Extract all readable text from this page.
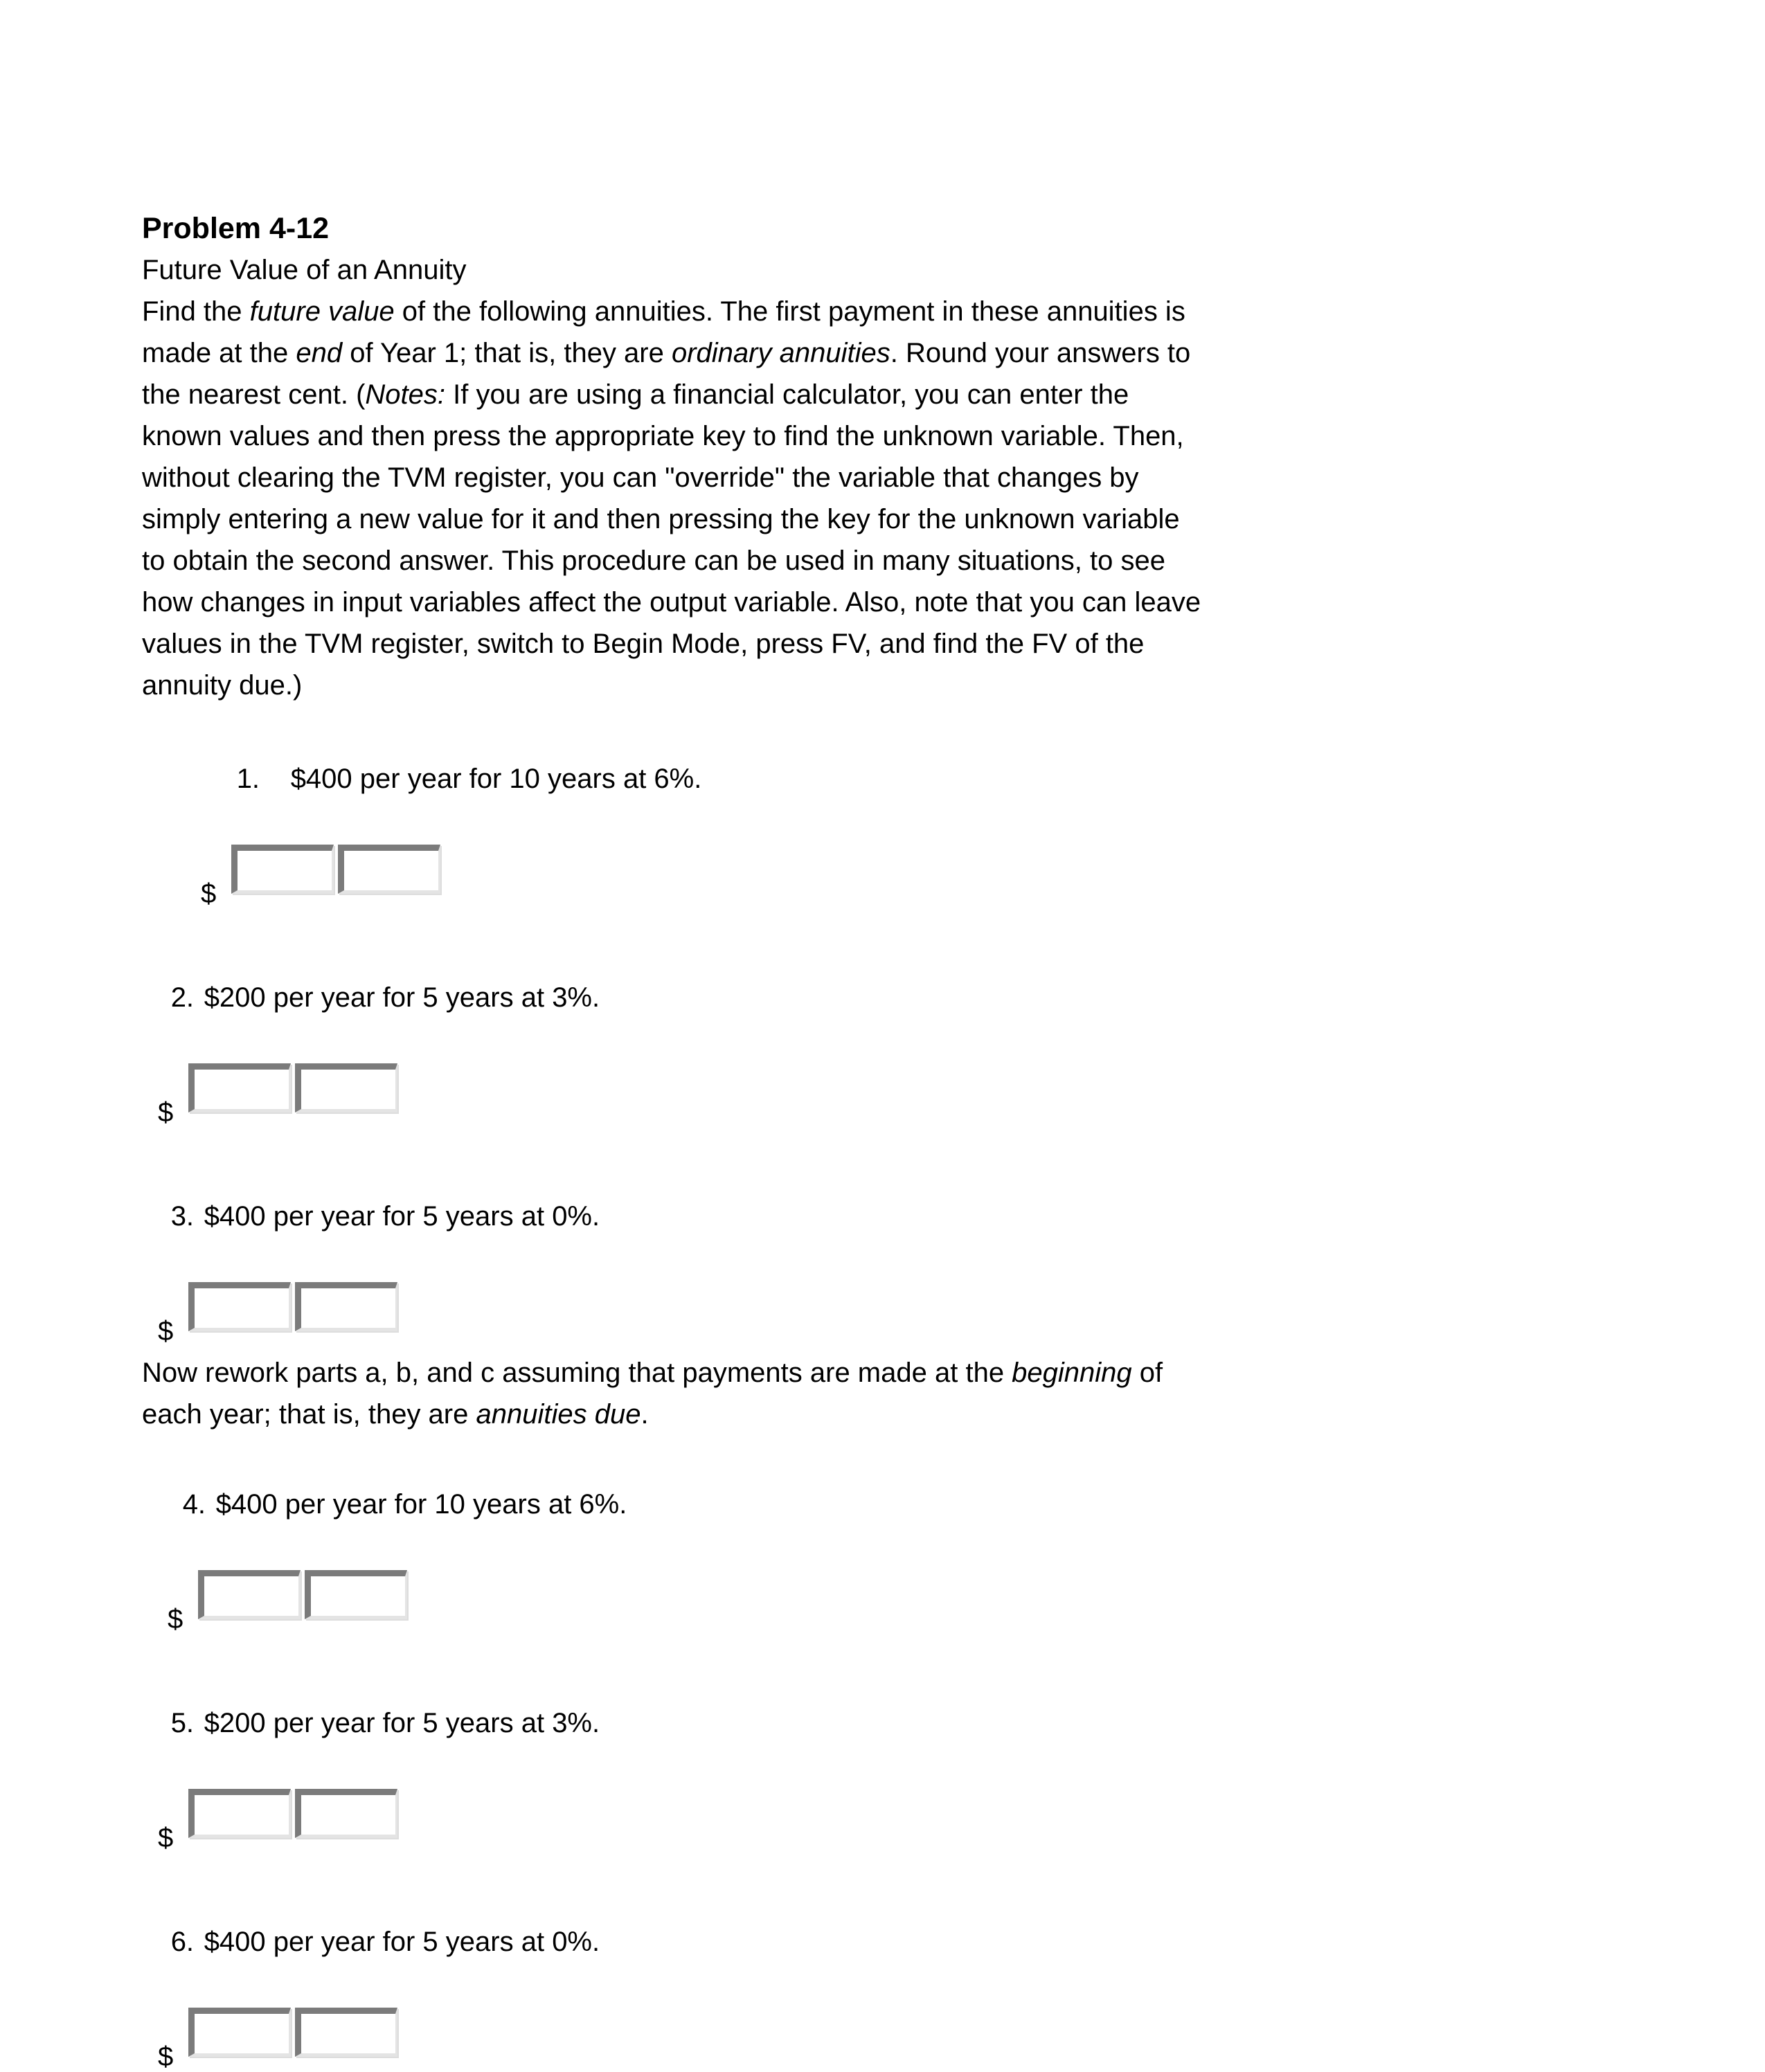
Problem 4-12
Future Value of an Annuity
Find the future value of the following annuities. The first payment in these annuities is
made at the end of Year 1; that is, they are ordinary annuities. Round your answers to
the nearest cent. (Notes: If you are using a financial calculator, you can enter the
known values and then press the appropriate key to find the unknown variable. Then,
without clearing the TVM register, you can "override" the variable that changes by
simply entering a new value for it and then pressing the key for the unknown variable
to obtain the second answer. This procedure can be used in many situations, to see
how changes in input variables affect the output variable. Also, note that you can leave
values in the TVM register, switch to Begin Mode, press FV, and find the FV of the
annuity due.)

1. $400 per year for 10 years at 6%.

$

2. $200 per year for 5 years at 3%.

$

3. $400 per year for 5 years at 0%.

$
Now rework parts a, b, and c assuming that payments are made at the beginning of
each year; that is, they are annuities due.

4. $400 per year for 10 years at 6%.

$

5. $200 per year for 5 years at 3%.

$

6. $400 per year for 5 years at 0%.

$
